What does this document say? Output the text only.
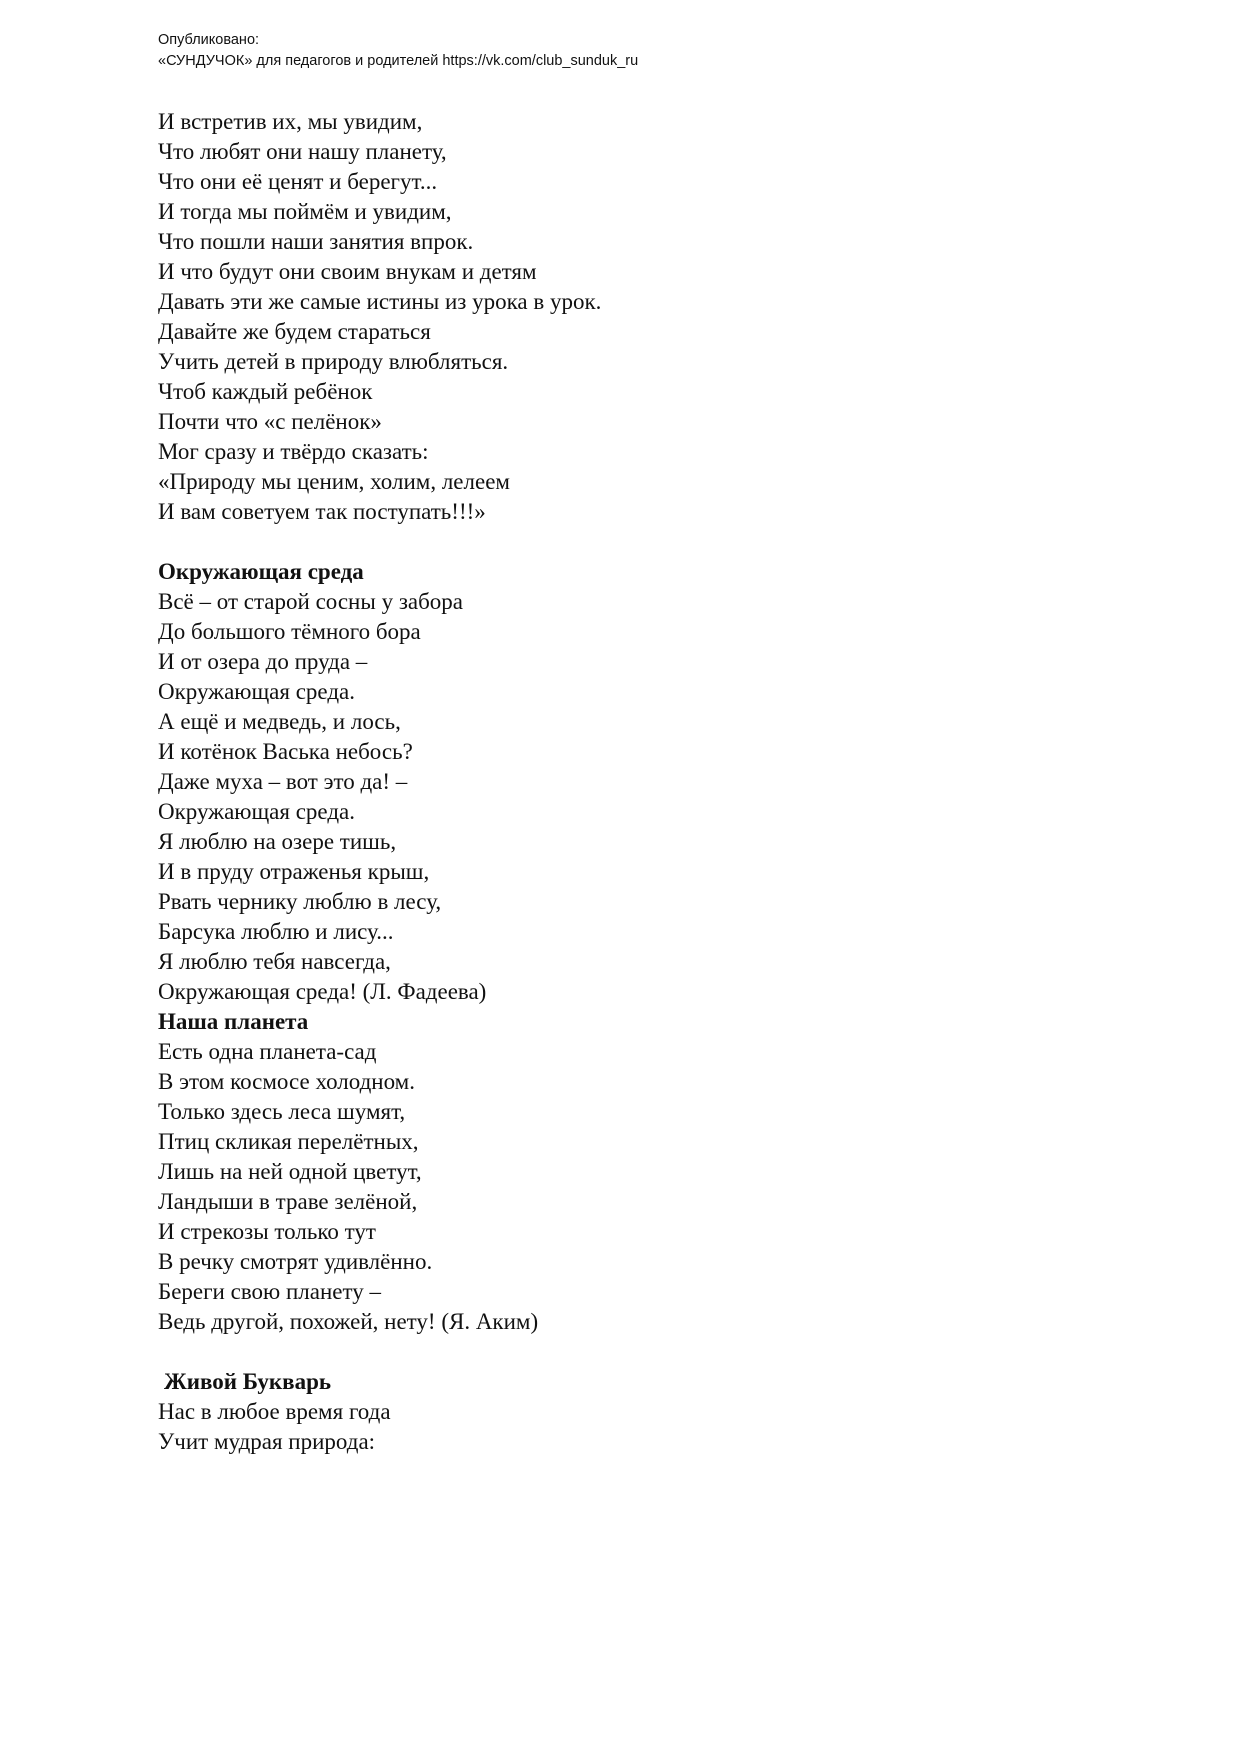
Опубликовано:
«СУНДУЧОК» для педагогов и родителей https://vk.com/club_sunduk_ru
И встретив их, мы увидим,
Что любят они нашу планету,
Что они её ценят и берегут...
И тогда мы поймём и увидим,
Что пошли наши занятия впрок.
И что будут они своим внукам и детям
Давать эти же самые истины из урока в урок.
Давайте же будем стараться
Учить детей в природу влюбляться.
Чтоб каждый ребёнок
Почти что «с пелёнок»
Мог сразу и твёрдо сказать:
«Природу мы ценим, холим, лелеем
И вам советуем так поступать!!!»
Окружающая среда
Всё – от старой сосны у забора
До большого тёмного бора
И от озера до пруда –
Окружающая среда.
А ещё и медведь, и лось,
И котёнок Васька небось?
Даже муха – вот это да! –
Окружающая среда.
Я люблю на озере тишь,
И в пруду отраженья крыш,
Рвать чернику люблю в лесу,
Барсука люблю и лису...
Я люблю тебя навсегда,
Окружающая среда! (Л. Фадеева)
Наша планета
Есть одна планета-сад
В этом космосе холодном.
Только здесь леса шумят,
Птиц скликая перелётных,
Лишь на ней одной цветут,
Ландыши в траве зелёной,
И стрекозы только тут
В речку смотрят удивлённо.
Береги свою планету –
Ведь другой, похожей, нету! (Я. Аким)
Живой Букварь
Нас в любое время года
Учит мудрая природа:
